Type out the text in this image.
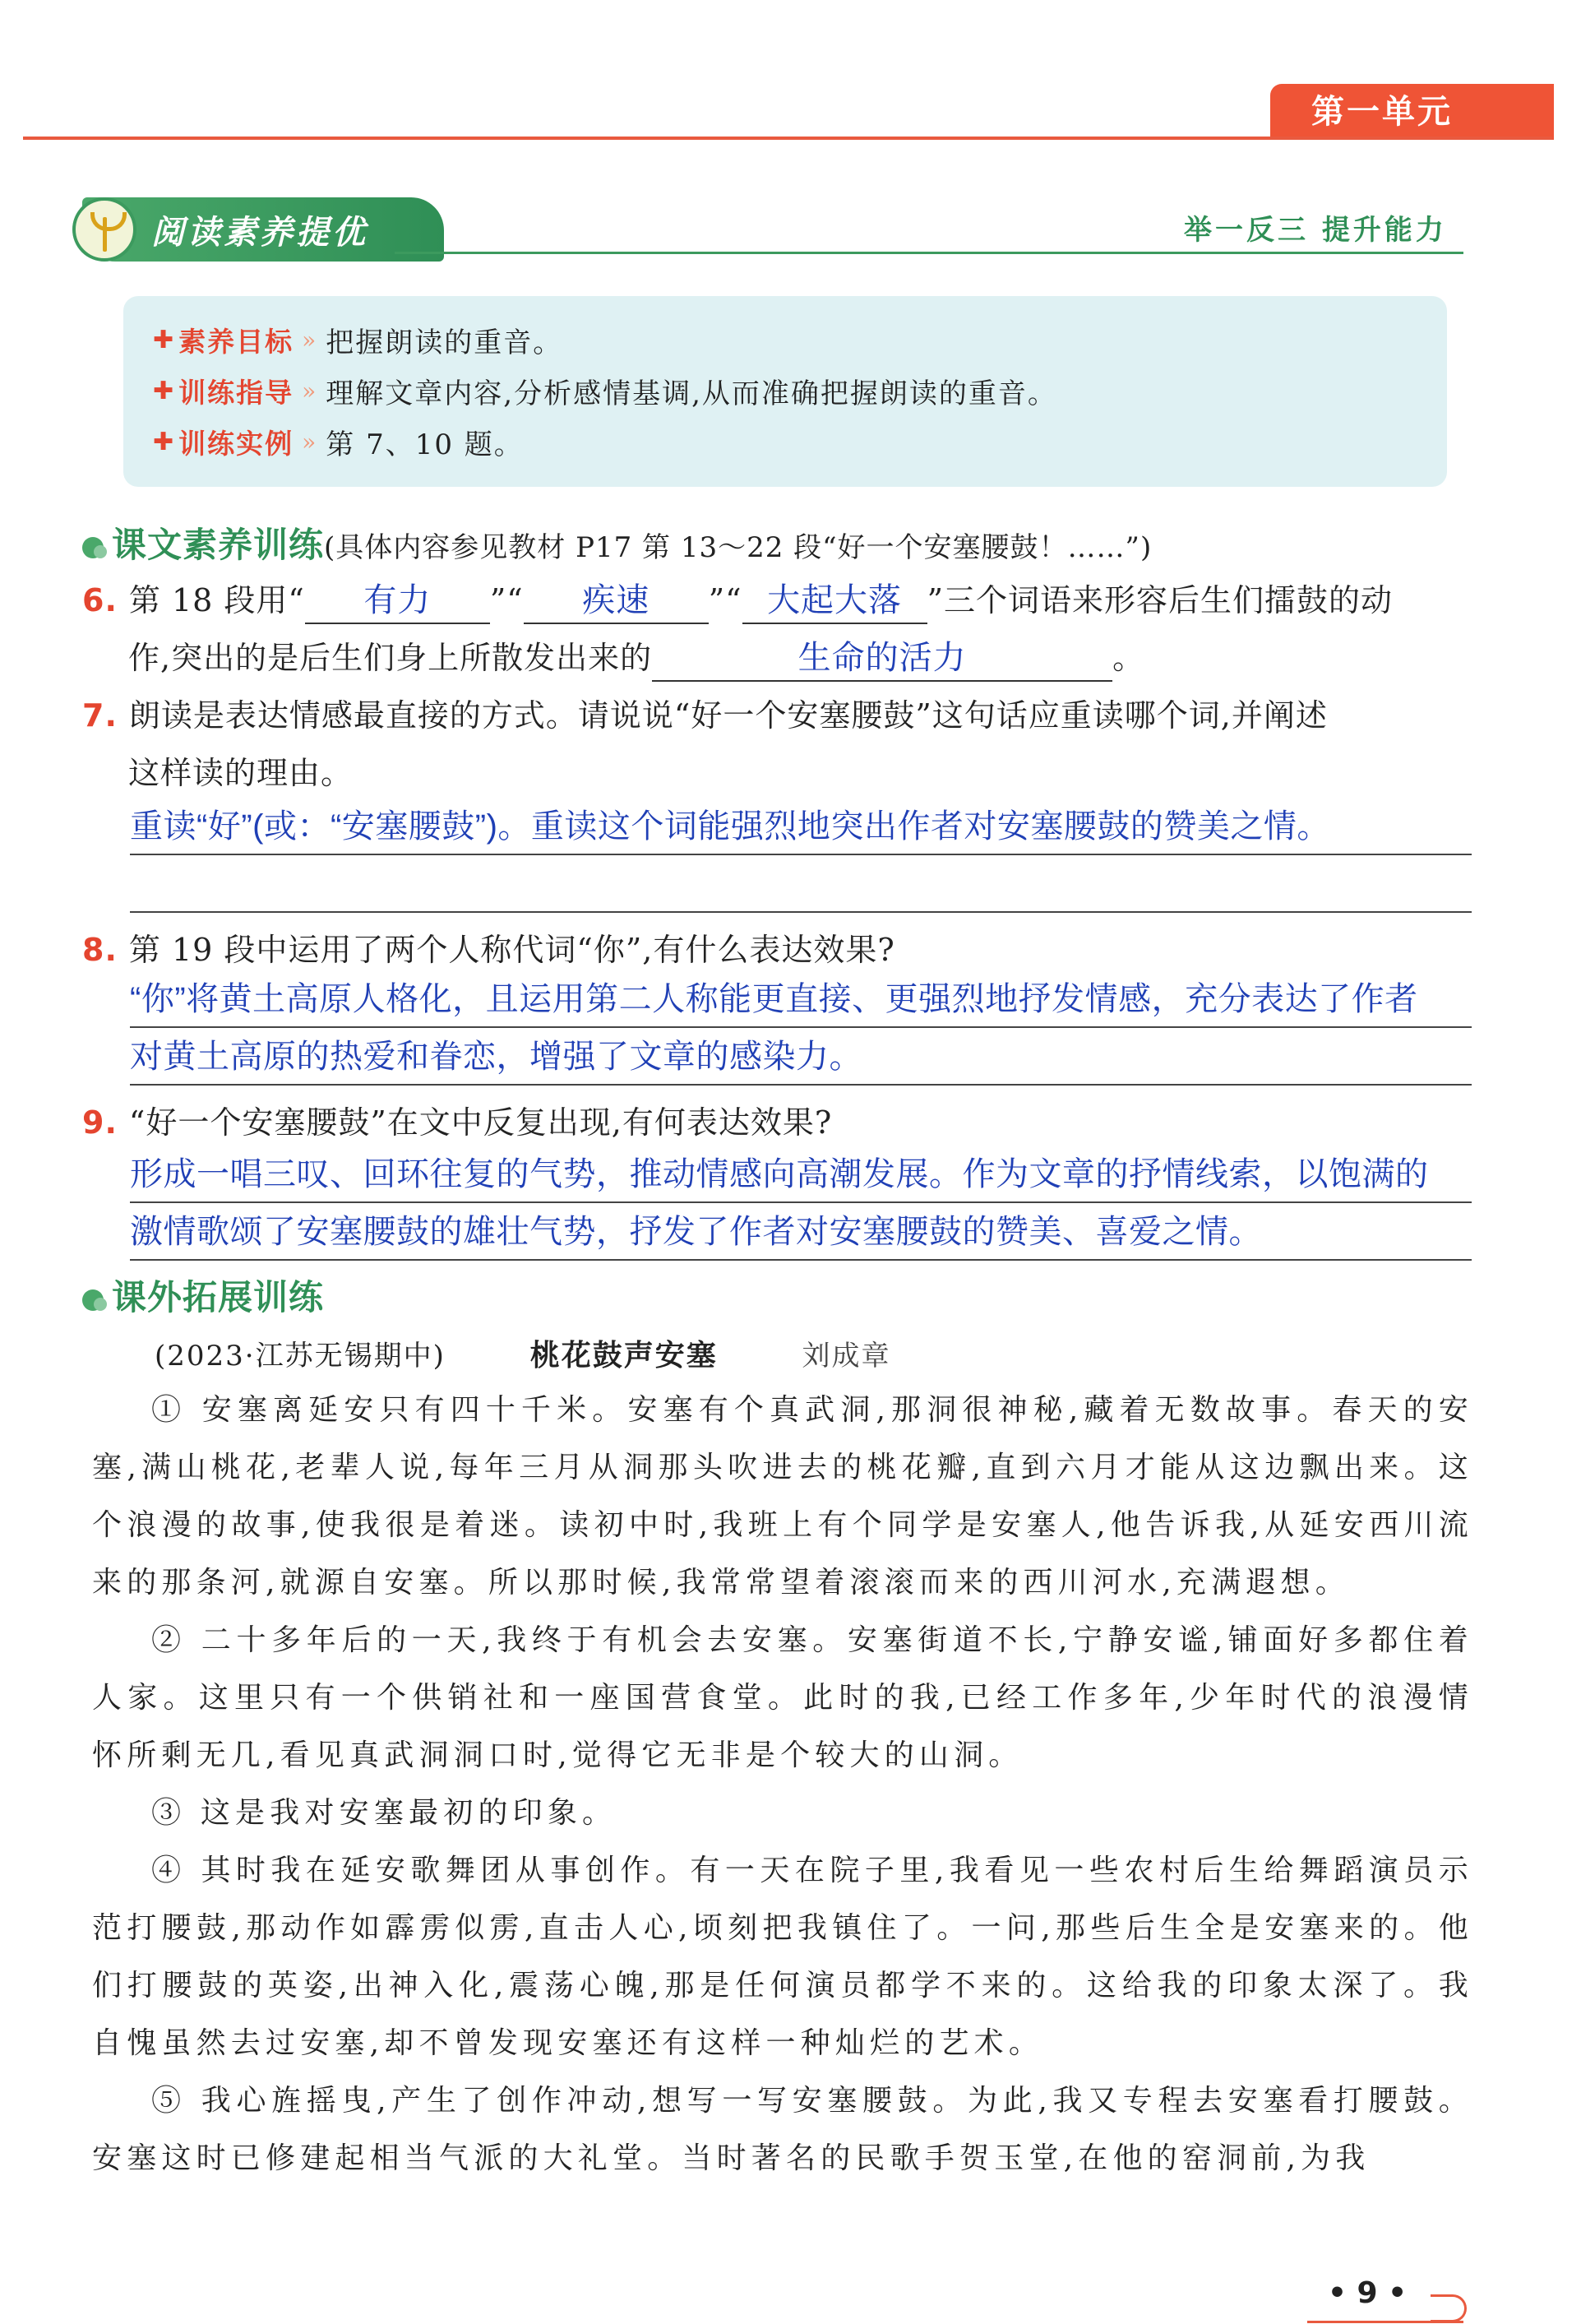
第一单元
阅读素养提优	举一反三 提升能力
✚ 素养目标 » 把握朗读的重音。
✚ 训练指导 » 理解文章内容,分析感情基调,从而准确把握朗读的重音。
✚ 训练实例 » 第 7、10 题。
课文素养训练 (具体内容参见教材 P17 第 13～22 段“好一个安塞腰鼓！……”)
6. 第 18 段用“ 有力 ”“ 疾速 ”“ 大起大落 ”三个词语来形容后生们擂鼓的动
作,突出的是后生们身上所散发出来的	生命的活力	。
7. 朗读是表达情感最直接的方式。请说说“好一个安塞腰鼓”这句话应重读哪个词,并阐述
这样读的理由。
重读“好”(或：“安塞腰鼓”)。重读这个词能强烈地突出作者对安塞腰鼓的赞美之情。
8. 第 19 段中运用了两个人称代词“你”,有什么表达效果?
“你”将黄土高原人格化，且运用第二人称能更直接、更强烈地抒发情感，充分表达了作者
对黄土高原的热爱和眷恋，增强了文章的感染力。
9. “好一个安塞腰鼓”在文中反复出现,有何表达效果?
形成一唱三叹、回环往复的气势，推动情感向高潮发展。作为文章的抒情线索，以饱满的
激情歌颂了安塞腰鼓的雄壮气势，抒发了作者对安塞腰鼓的赞美、喜爱之情。
课外拓展训练
(2023·江苏无锡期中)	桃花鼓声安塞	刘成章

① 安塞离延安只有四十千米。安塞有个真武洞,那洞很神秘,藏着无数故事。春天的安塞,满山桃花,老辈人说,每年三月从洞那头吹进去的桃花瓣,直到六月才能从这边飘出来。这个浪漫的故事,使我很是着迷。读初中时,我班上有个同学是安塞人,他告诉我,从延安西川流来的那条河,就源自安塞。所以那时候,我常常望着滚滚而来的西川河水,充满遐想。

② 二十多年后的一天,我终于有机会去安塞。安塞街道不长,宁静安谧,铺面好多都住着人家。这里只有一个供销社和一座国营食堂。此时的我,已经工作多年,少年时代的浪漫情怀所剩无几,看见真武洞洞口时,觉得它无非是个较大的山洞。

③ 这是我对安塞最初的印象。

④ 其时我在延安歌舞团从事创作。有一天在院子里,我看见一些农村后生给舞蹈演员示范打腰鼓,那动作如霹雳似雳,直击人心,顷刻把我镇住了。一问,那些后生全是安塞来的。他们打腰鼓的英姿,出神入化,震荡心魄,那是任何演员都学不来的。这给我的印象太深了。我自愧虽然去过安塞,却不曾发现安塞还有这样一种灿烂的艺术。

⑤ 我心旌摇曳,产生了创作冲动,想写一写安塞腰鼓。为此,我又专程去安塞看打腰鼓。安塞这时已修建起相当气派的大礼堂。当时著名的民歌手贺玉堂,在他的窑洞前,为我

• 9 •
